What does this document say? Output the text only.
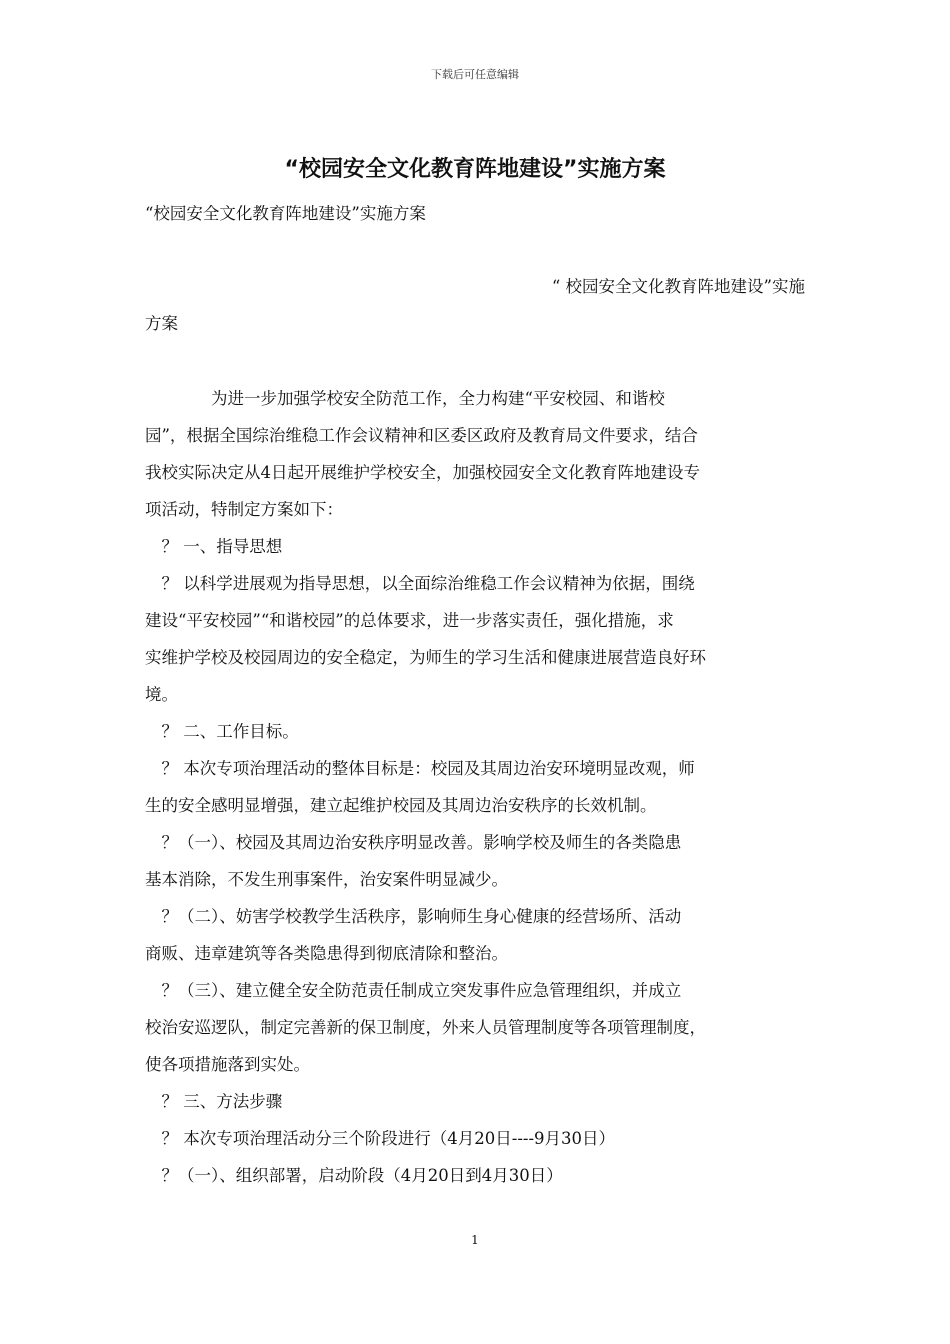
下载后可任意编辑
“校园安全文化教育阵地建设”实施方案
“校园安全文化教育阵地建设”实施方案
“ 校园安全文化教育阵地建设”实施
方案
　　　　为进一步加强学校安全防范工作，全力构建“平安校园、和谐校
园”，根据全国综治维稳工作会议精神和区委区政府及教育局文件要求，结合
我校实际决定从4日起开展维护学校安全，加强校园安全文化教育阵地建设专
项活动，特制定方案如下：
　？ 一、指导思想
　？ 以科学进展观为指导思想，以全面综治维稳工作会议精神为依据，围绕
建设“平安校园”“和谐校园”的总体要求，进一步落实责任，强化措施，求
实维护学校及校园周边的安全稳定，为师生的学习生活和健康进展营造良好环
境。
　？ 二、工作目标。
　？ 本次专项治理活动的整体目标是：校园及其周边治安环境明显改观，师
生的安全感明显增强，建立起维护校园及其周边治安秩序的长效机制。
　？（一）、校园及其周边治安秩序明显改善。影响学校及师生的各类隐患
基本消除，不发生刑事案件，治安案件明显减少。
　？（二）、妨害学校教学生活秩序，影响师生身心健康的经营场所、活动
商贩、违章建筑等各类隐患得到彻底清除和整治。
　？（三）、建立健全安全防范责任制成立突发事件应急管理组织，并成立
校治安巡逻队，制定完善新的保卫制度，外来人员管理制度等各项管理制度，
使各项措施落到实处。
　？ 三、方法步骤
　？ 本次专项治理活动分三个阶段进行（4月20日----9月30日）
　？（一）、组织部署，启动阶段（4月20日到4月30日）
1
